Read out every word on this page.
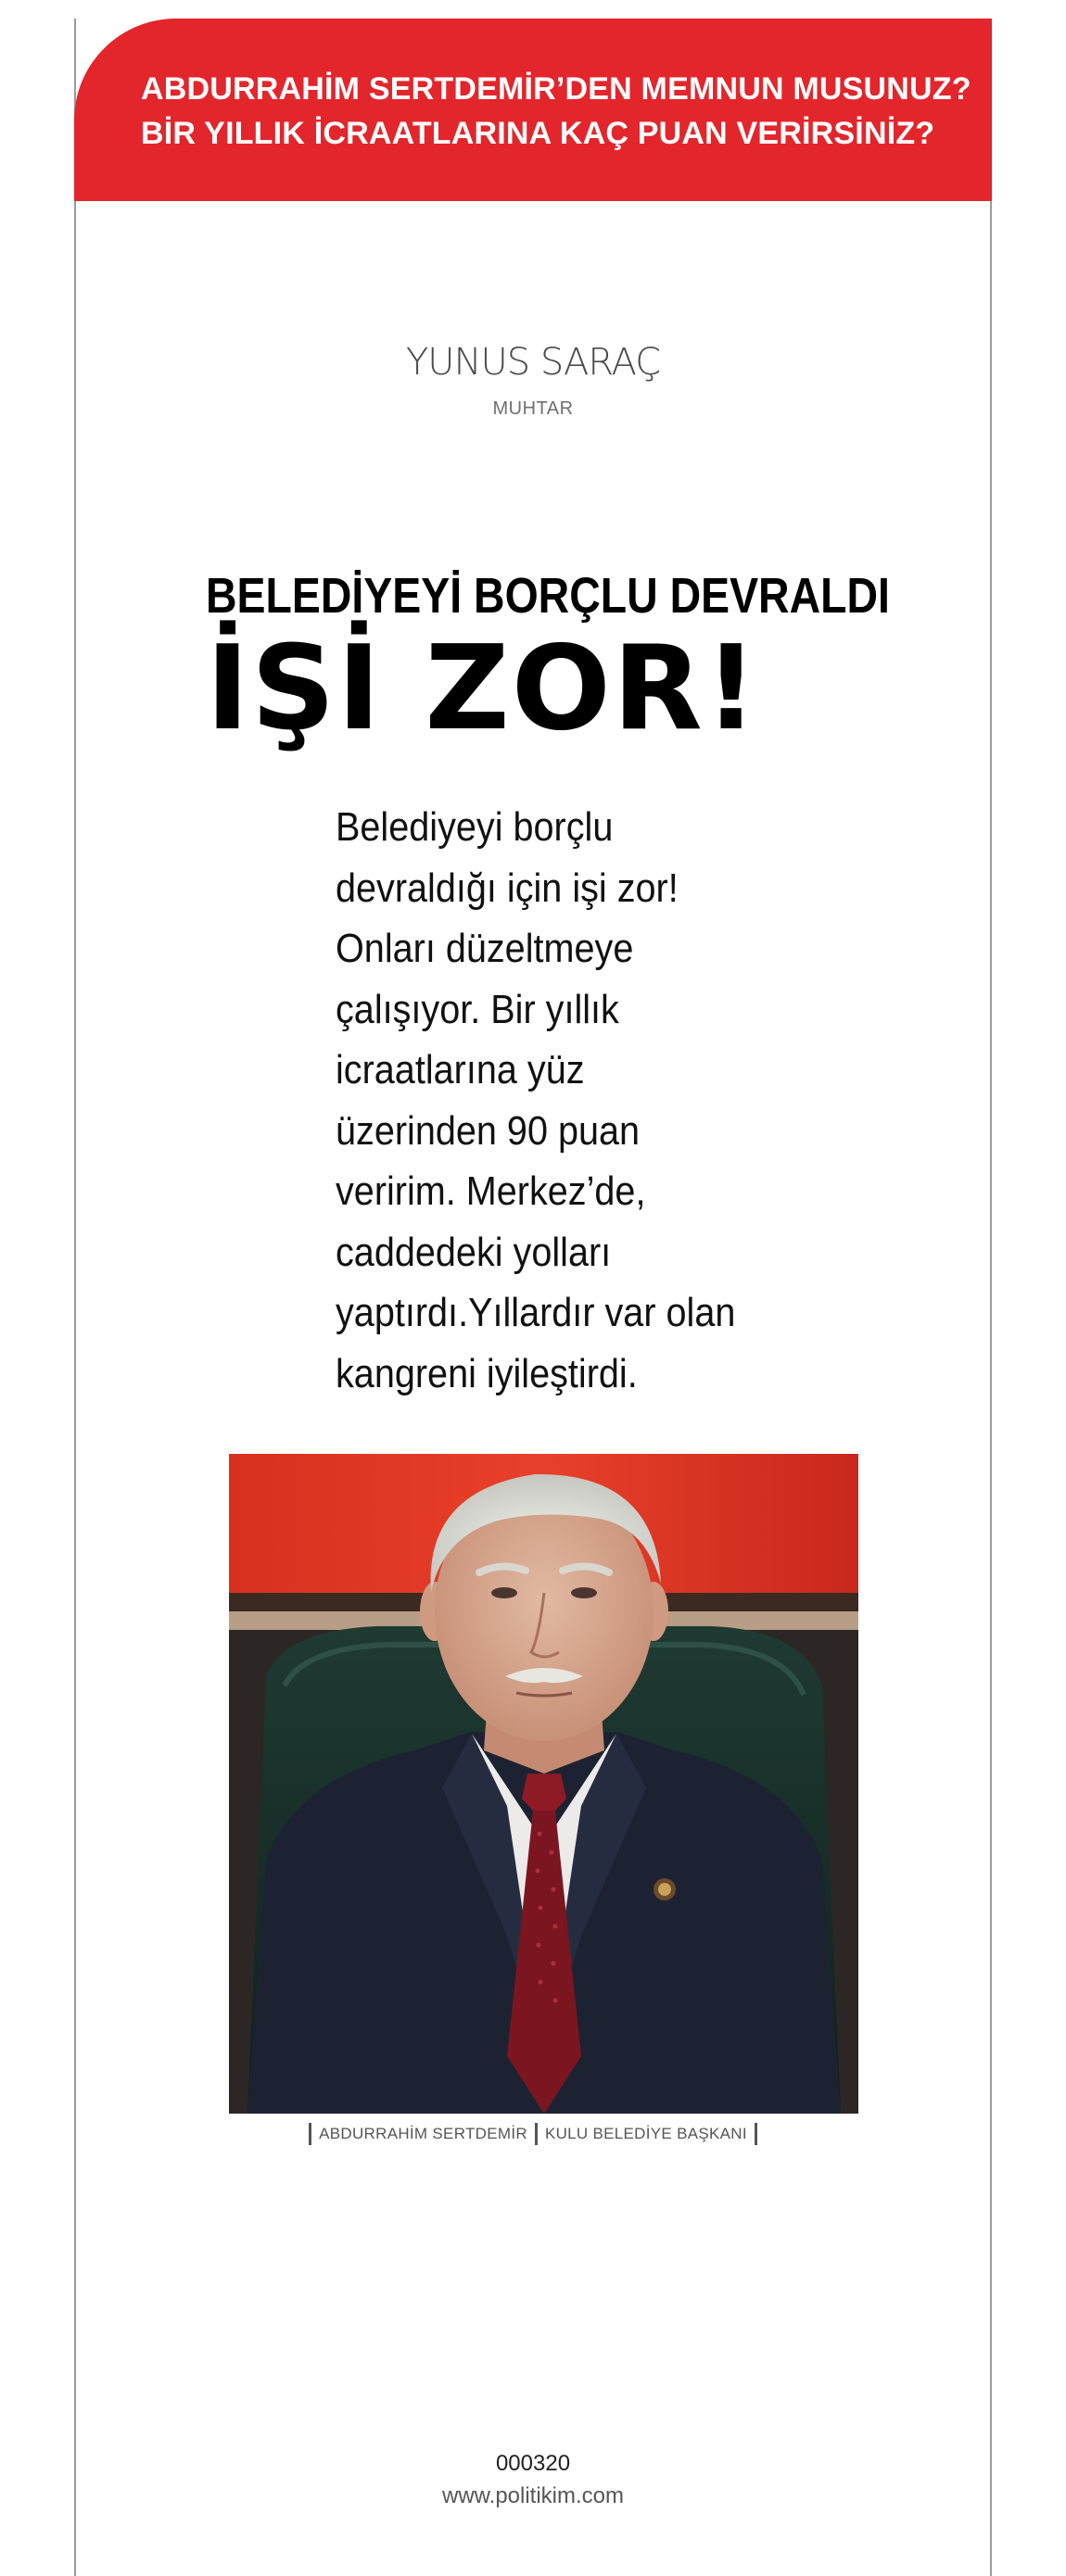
ABDURRAHİM SERTDEMİR’DEN MEMNUN MUSUNUZ?
BİR YILLIK İCRAATLARINA KAÇ PUAN VERİRSİNİZ?
YUNUS SARAÇ
MUHTAR
BELEDİYEYİ BORÇLU DEVRALDI
İŞİ ZOR!
Belediyeyi borçlu
devraldığı için işi zor!
Onları düzeltmeye
çalışıyor. Bir yıllık
icraatlarına yüz
üzerinden 90 puan
veririm. Merkez’de,
caddedeki yolları
yaptırdı.Yıllardır var olan
kangreni iyileştirdi.
ABDURRAHİM SERTDEMİR KULU BELEDİYE BAŞKANI
000320
www.politikim.com
